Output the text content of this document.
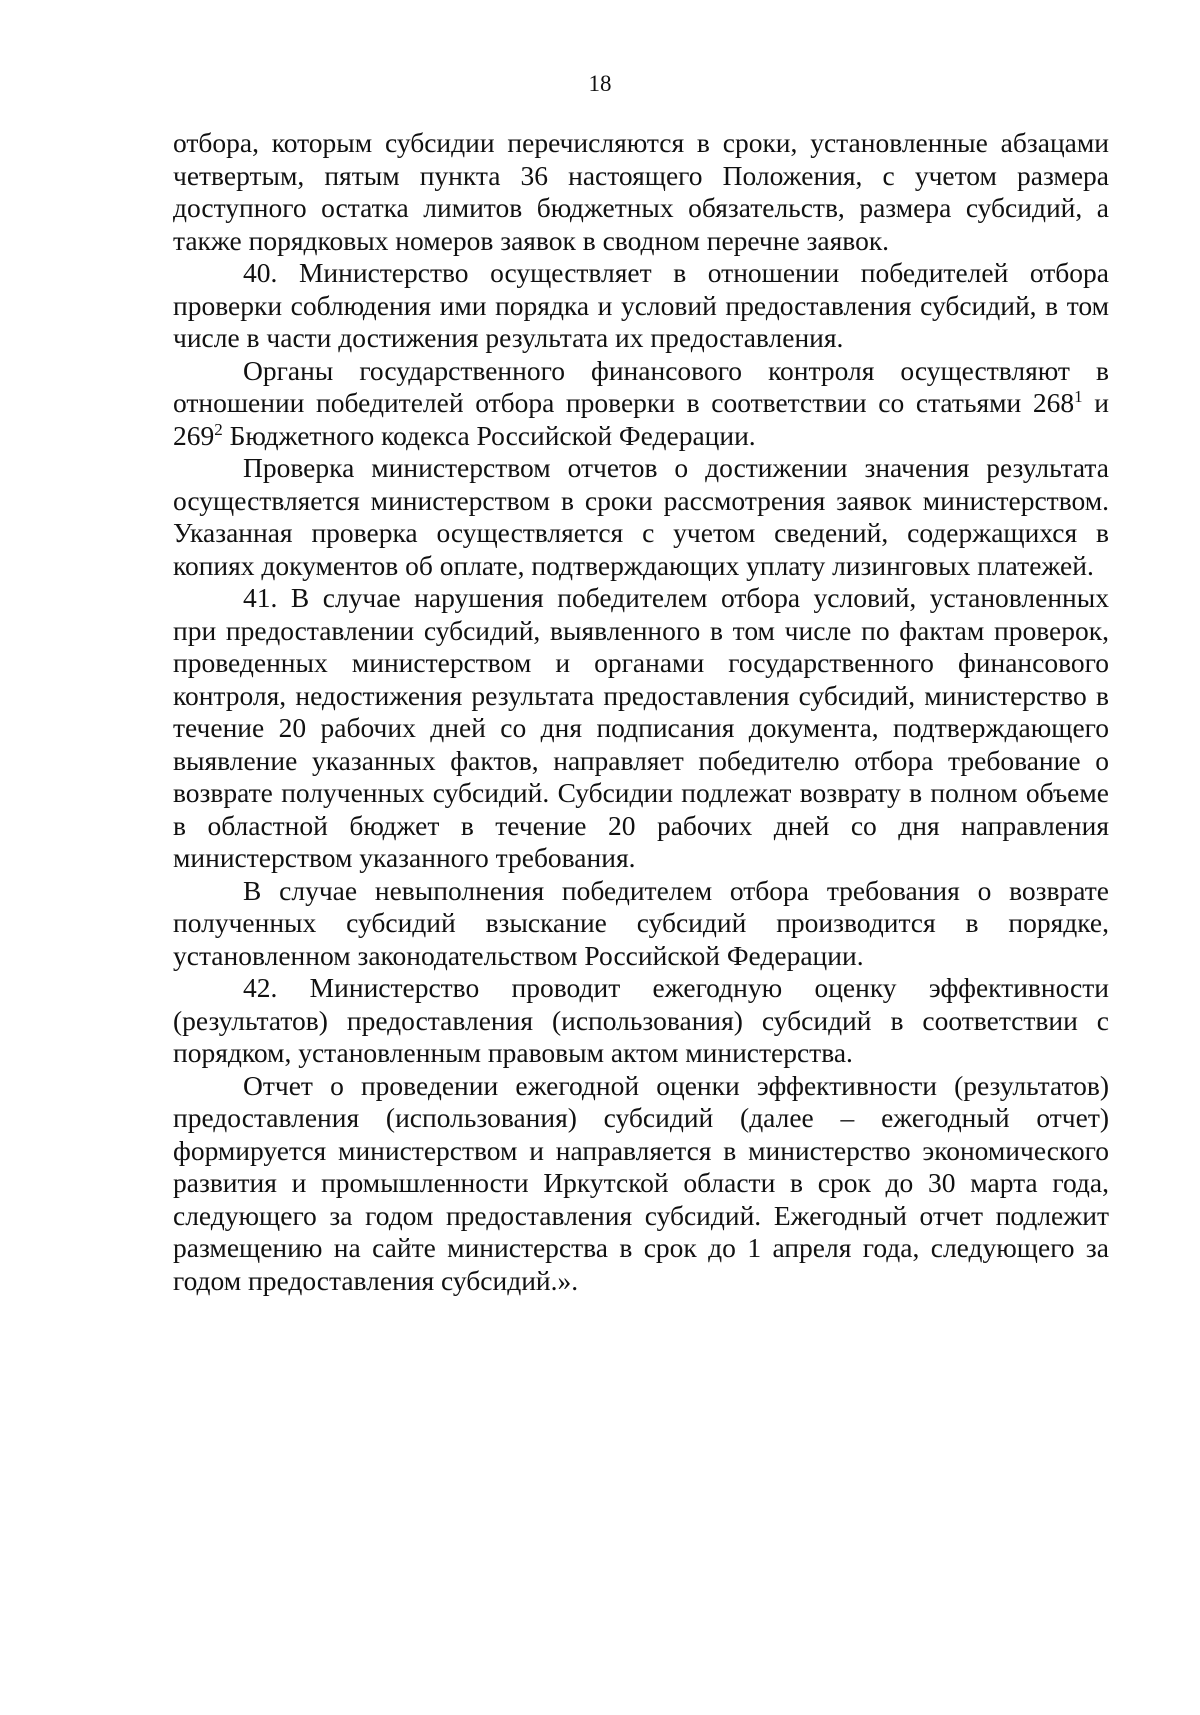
18

отбора, которым субсидии перечисляются в сроки, установленные абзацами четвертым, пятым пункта 36 настоящего Положения, с учетом размера доступного остатка лимитов бюджетных обязательств, размера субсидий, а также порядковых номеров заявок в сводном перечне заявок.

40. Министерство осуществляет в отношении победителей отбора проверки соблюдения ими порядка и условий предоставления субсидий, в том числе в части достижения результата их предоставления.

Органы государственного финансового контроля осуществляют в отношении победителей отбора проверки в соответствии со статьями $268^1$ и $269^2$ Бюджетного кодекса Российской Федерации.

Проверка министерством отчетов о достижении значения результата осуществляется министерством в сроки рассмотрения заявок министерством. Указанная проверка осуществляется с учетом сведений, содержащихся в копиях документов об оплате, подтверждающих уплату лизинговых платежей.

41. В случае нарушения победителем отбора условий, установленных при предоставлении субсидий, выявленного в том числе по фактам проверок, проведенных министерством и органами государственного финансового контроля, недостижения результата предоставления субсидий, министерство в течение 20 рабочих дней со дня подписания документа, подтверждающего выявление указанных фактов, направляет победителю отбора требование о возврате полученных субсидий. Субсидии подлежат возврату в полном объеме в областной бюджет в течение 20 рабочих дней со дня направления министерством указанного требования.

В случае невыполнения победителем отбора требования о возврате полученных субсидий взыскание субсидий производится в порядке, установленном законодательством Российской Федерации.

42. Министерство проводит ежегодную оценку эффективности (результатов) предоставления (использования) субсидий в соответствии с порядком, установленным правовым актом министерства.

Отчет о проведении ежегодной оценки эффективности (результатов) предоставления (использования) субсидий (далее – ежегодный отчет) формируется министерством и направляется в министерство экономического развития и промышленности Иркутской области в срок до 30 марта года, следующего за годом предоставления субсидий. Ежегодный отчет подлежит размещению на сайте министерства в срок до 1 апреля года, следующего за годом предоставления субсидий.».
